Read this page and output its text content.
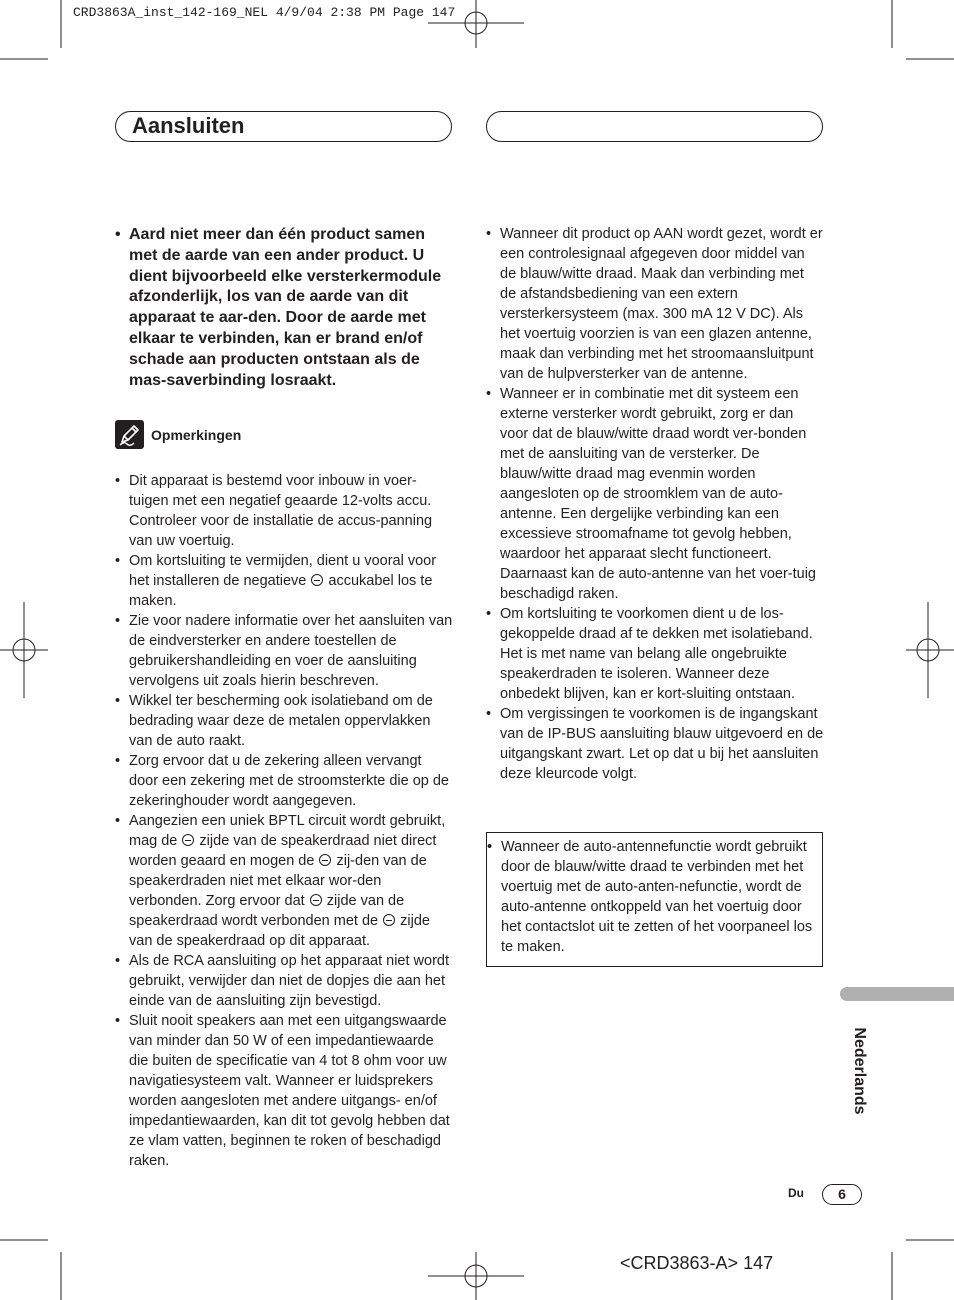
CRD3863A_inst_142-169_NEL 4/9/04 2:38 PM Page 147
Aansluiten
• Aard niet meer dan één product samen met de aarde van een ander product. U dient bijvoorbeeld elke versterkermodule afzonderlijk, los van de aarde van dit apparaat te aar-den. Door de aarde met elkaar te verbinden, kan er brand en/of schade aan producten ontstaan als de mas-saverbinding losraakt.
Opmerkingen
• Dit apparaat is bestemd voor inbouw in voer-tuigen met een negatief geaarde 12-volts accu. Controleer voor de installatie de accus-panning van uw voertuig.
• Om kortsluiting te vermijden, dient u vooral voor het installeren de negatieve  accukabel los te maken.
• Zie voor nadere informatie over het aansluiten van de eindversterker en andere toestellen de gebruikershandleiding en voer de aansluiting vervolgens uit zoals hierin beschreven.
• Wikkel ter bescherming ook isolatieband om de bedrading waar deze de metalen oppervlakken van de auto raakt.
• Zorg ervoor dat u de zekering alleen vervangt door een zekering met de stroomsterkte die op de zekeringhouder wordt aangegeven.
• Aangezien een uniek BPTL circuit wordt gebruikt, mag de  zijde van de speakerdraad niet direct worden geaard en mogen de  zij-den van de speakerdraden niet met elkaar wor-den verbonden. Zorg ervoor dat  zijde van de speakerdraad wordt verbonden met de  zijde van de speakerdraad op dit apparaat.
• Als de RCA aansluiting op het apparaat niet wordt gebruikt, verwijder dan niet de dopjes die aan het einde van de aansluiting zijn bevestigd.
• Sluit nooit speakers aan met een uitgangswaarde van minder dan 50 W of een impedantiewaarde die buiten de specificatie van 4 tot 8 ohm voor uw navigatiesysteem valt. Wanneer er luidsprekers worden aangesloten met andere uitgangs- en/of impedantiewaarden, kan dit tot gevolg hebben dat ze vlam vatten, beginnen te roken of beschadigd raken.
• Wanneer dit product op AAN wordt gezet, wordt er een controlesignaal afgegeven door middel van de blauw/witte draad. Maak dan verbinding met de afstandsbediening van een extern versterkersysteem (max. 300 mA 12 V DC). Als het voertuig voorzien is van een glazen antenne, maak dan verbinding met het stroomaansluitpunt van de hulpversterker van de antenne.
• Wanneer er in combinatie met dit systeem een externe versterker wordt gebruikt, zorg er dan voor dat de blauw/witte draad wordt ver-bonden met de aansluiting van de versterker. De blauw/witte draad mag evenmin worden aangesloten op de stroomklem van de auto-antenne. Een dergelijke verbinding kan een excessieve stroomafname tot gevolg hebben, waardoor het apparaat slecht functioneert. Daarnaast kan de auto-antenne van het voer-tuig beschadigd raken.
• Om kortsluiting te voorkomen dient u de los-gekoppelde draad af te dekken met isolatieband. Het is met name van belang alle ongebruikte speakerdraden te isoleren. Wanneer deze onbedekt blijven, kan er kort-sluiting ontstaan.
• Om vergissingen te voorkomen is de ingangskant van de IP-BUS aansluiting blauw uitgevoerd en de uitgangskant zwart. Let op dat u bij het aansluiten deze kleurcode volgt.
• Wanneer de auto-antennefunctie wordt gebruikt door de blauw/witte draad te verbinden met het voertuig met de auto-anten-nefunctie, wordt de auto-antenne ontkoppeld van het voertuig door het contactslot uit te zetten of het voorpaneel los te maken.
Nederlands
Du	6
<CRD3863-A> 147
